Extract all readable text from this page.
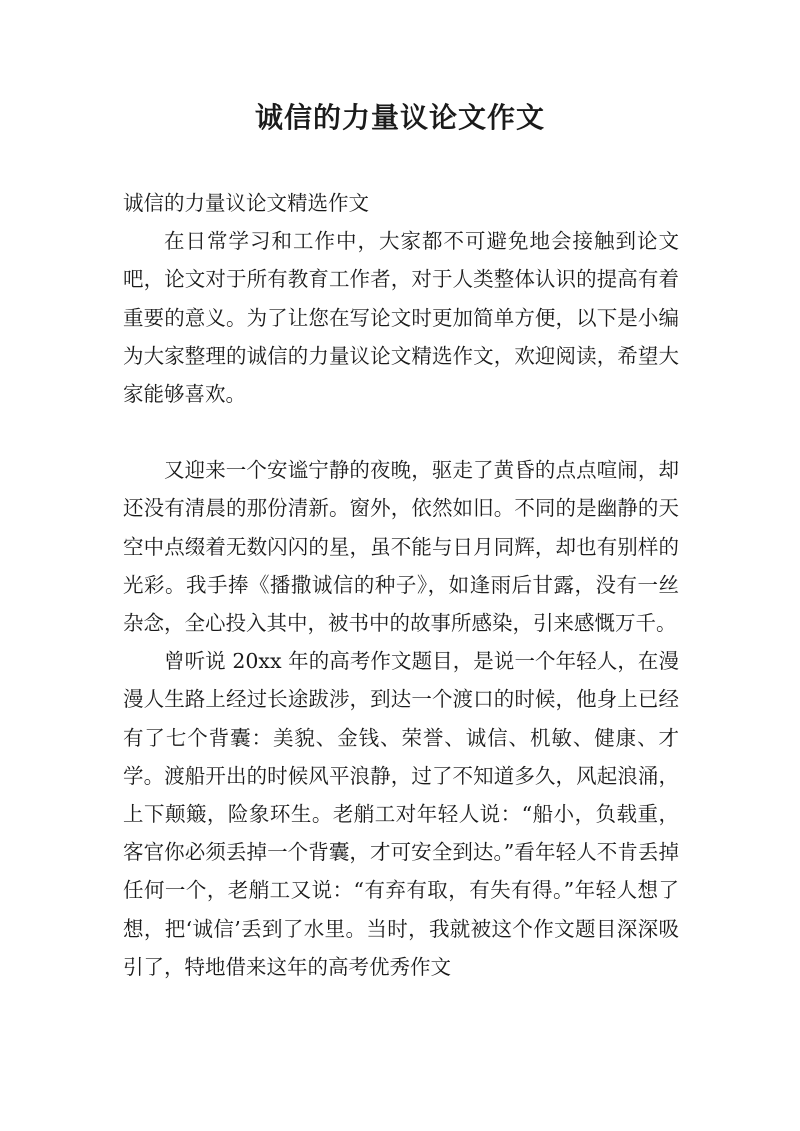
诚信的力量议论文作文

诚信的力量议论文精选作文

在日常学习和工作中，大家都不可避免地会接触到论文吧，论文对于所有教育工作者，对于人类整体认识的提高有着重要的意义。为了让您在写论文时更加简单方便，以下是小编为大家整理的诚信的力量议论文精选作文，欢迎阅读，希望大家能够喜欢。

又迎来一个安谧宁静的夜晚，驱走了黄昏的点点喧闹，却还没有清晨的那份清新。窗外，依然如旧。不同的是幽静的天空中点缀着无数闪闪的星，虽不能与日月同辉，却也有别样的光彩。我手捧《播撒诚信的种子》，如逢雨后甘露，没有一丝杂念，全心投入其中，被书中的故事所感染，引来感慨万千。

曾听说 20xx 年的高考作文题目，是说一个年轻人，在漫漫人生路上经过长途跋涉，到达一个渡口的时候，他身上已经有了七个背囊：美貌、金钱、荣誉、诚信、机敏、健康、才学。渡船开出的时候风平浪静，过了不知道多久，风起浪涌，上下颠簸，险象环生。老艄工对年轻人说：“船小，负载重，客官你必须丢掉一个背囊，才可安全到达。”看年轻人不肯丢掉任何一个，老艄工又说：“有弃有取，有失有得。”年轻人想了想，把‘诚信’丢到了水里。当时，我就被这个作文题目深深吸引了，特地借来这年的高考优秀作文
